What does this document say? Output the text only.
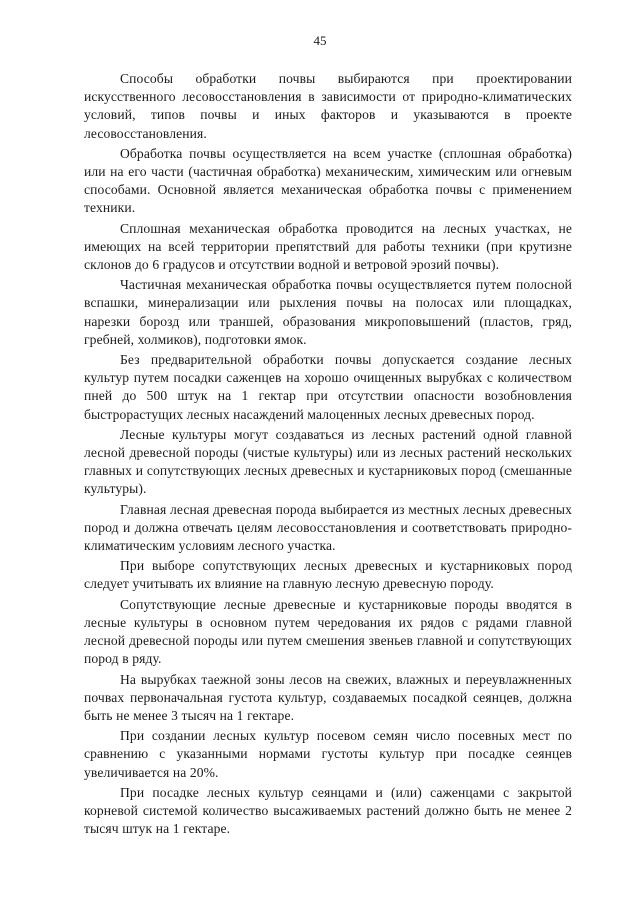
45

Способы обработки почвы выбираются при проектировании искусственного лесовосстановления в зависимости от природно-климатических условий, типов почвы и иных факторов и указываются в проекте лесовосстановления.

Обработка почвы осуществляется на всем участке (сплошная обработка) или на его части (частичная обработка) механическим, химическим или огневым способами. Основной является механическая обработка почвы с применением техники.

Сплошная механическая обработка проводится на лесных участках, не имеющих на всей территории препятствий для работы техники (при крутизне склонов до 6 градусов и отсутствии водной и ветровой эрозий почвы).

Частичная механическая обработка почвы осуществляется путем полосной вспашки, минерализации или рыхления почвы на полосах или площадках, нарезки борозд или траншей, образования микроповышений (пластов, гряд, гребней, холмиков), подготовки ямок.

Без предварительной обработки почвы допускается создание лесных культур путем посадки саженцев на хорошо очищенных вырубках с количеством пней до 500 штук на 1 гектар при отсутствии опасности возобновления быстрорастущих лесных насаждений малоценных лесных древесных пород.

Лесные культуры могут создаваться из лесных растений одной главной лесной древесной породы (чистые культуры) или из лесных растений нескольких главных и сопутствующих лесных древесных и кустарниковых пород (смешанные культуры).

Главная лесная древесная порода выбирается из местных лесных древесных пород и должна отвечать целям лесовосстановления и соответствовать природно-климатическим условиям лесного участка.

При выборе сопутствующих лесных древесных и кустарниковых пород следует учитывать их влияние на главную лесную древесную породу.

Сопутствующие лесные древесные и кустарниковые породы вводятся в лесные культуры в основном путем чередования их рядов с рядами главной лесной древесной породы или путем смешения звеньев главной и сопутствующих пород в ряду.

На вырубках таежной зоны лесов на свежих, влажных и переувлажненных почвах первоначальная густота культур, создаваемых посадкой сеянцев, должна быть не менее 3 тысяч на 1 гектаре.

При создании лесных культур посевом семян число посевных мест по сравнению с указанными нормами густоты культур при посадке сеянцев увеличивается на 20%.

При посадке лесных культур сеянцами и (или) саженцами с закрытой корневой системой количество высаживаемых растений должно быть не менее 2 тысяч штук на 1 гектаре.
